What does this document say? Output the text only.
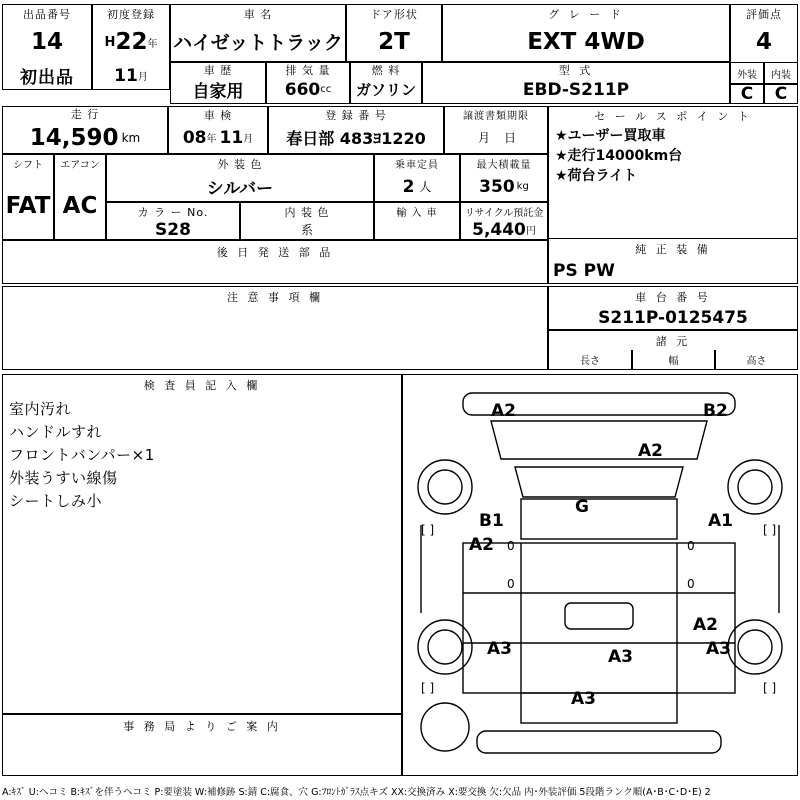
出品番号
14
初出品
初度登録
H 22 年
11 月
車 名
ハイゼットトラック
ドア形状
2T
グ レ ー ド
EXT 4WD
評価点
4
車 歴
自家用
排 気 量
660 cc
燃 料
ガソリン
型 式
EBD-S211P
外装 内装
C C
走 行
14,590 km
車 検
08 年 11 月
登 録 番 号
春日部 483ﾖ1220
譲渡書類期限
月 日
セ ー ル ス ポ イ ン ト
★ユーザー買取車
★走行14000km台
★荷台ライト
シフト エアコン
FAT AC
外 装 色
シルバー
乗車定員
2 人
最大積載量
350 kg
カ ラ ー No.
S28
内 装 色
系
輸 入 車	リサイクル預託金
5,440 円
後 日 発 送 部 品	純 正 装 備
PS PW
注 意 事 項 欄	車 台 番 号
S211P-0125475
諸 元
長さ	幅	高さ
検 査 員 記 入 欄
室内汚れ
ハンドルすれ
フロントバンパー×1
外装うすい線傷
シートしみ小
事 務 局 よ り ご 案 内
A2	B2
A2
G
B1	A1
A2
A3	A3	A3
A2
A3
[ ]	[ ]
[ ]	[ ]
0
0
0
0
A:ｷｽﾞ U:ヘコミ B:ｷｽﾞを伴うヘコミ P:要塗装 W:補修跡 S:錆 C:腐食、穴 G:ﾌﾛﾝﾄｶﾞﾗｽ点キズ XX:交換済み X:要交換 欠:欠品 内･外装評価 5段階ランク順(A･B･C･D･E) 2
